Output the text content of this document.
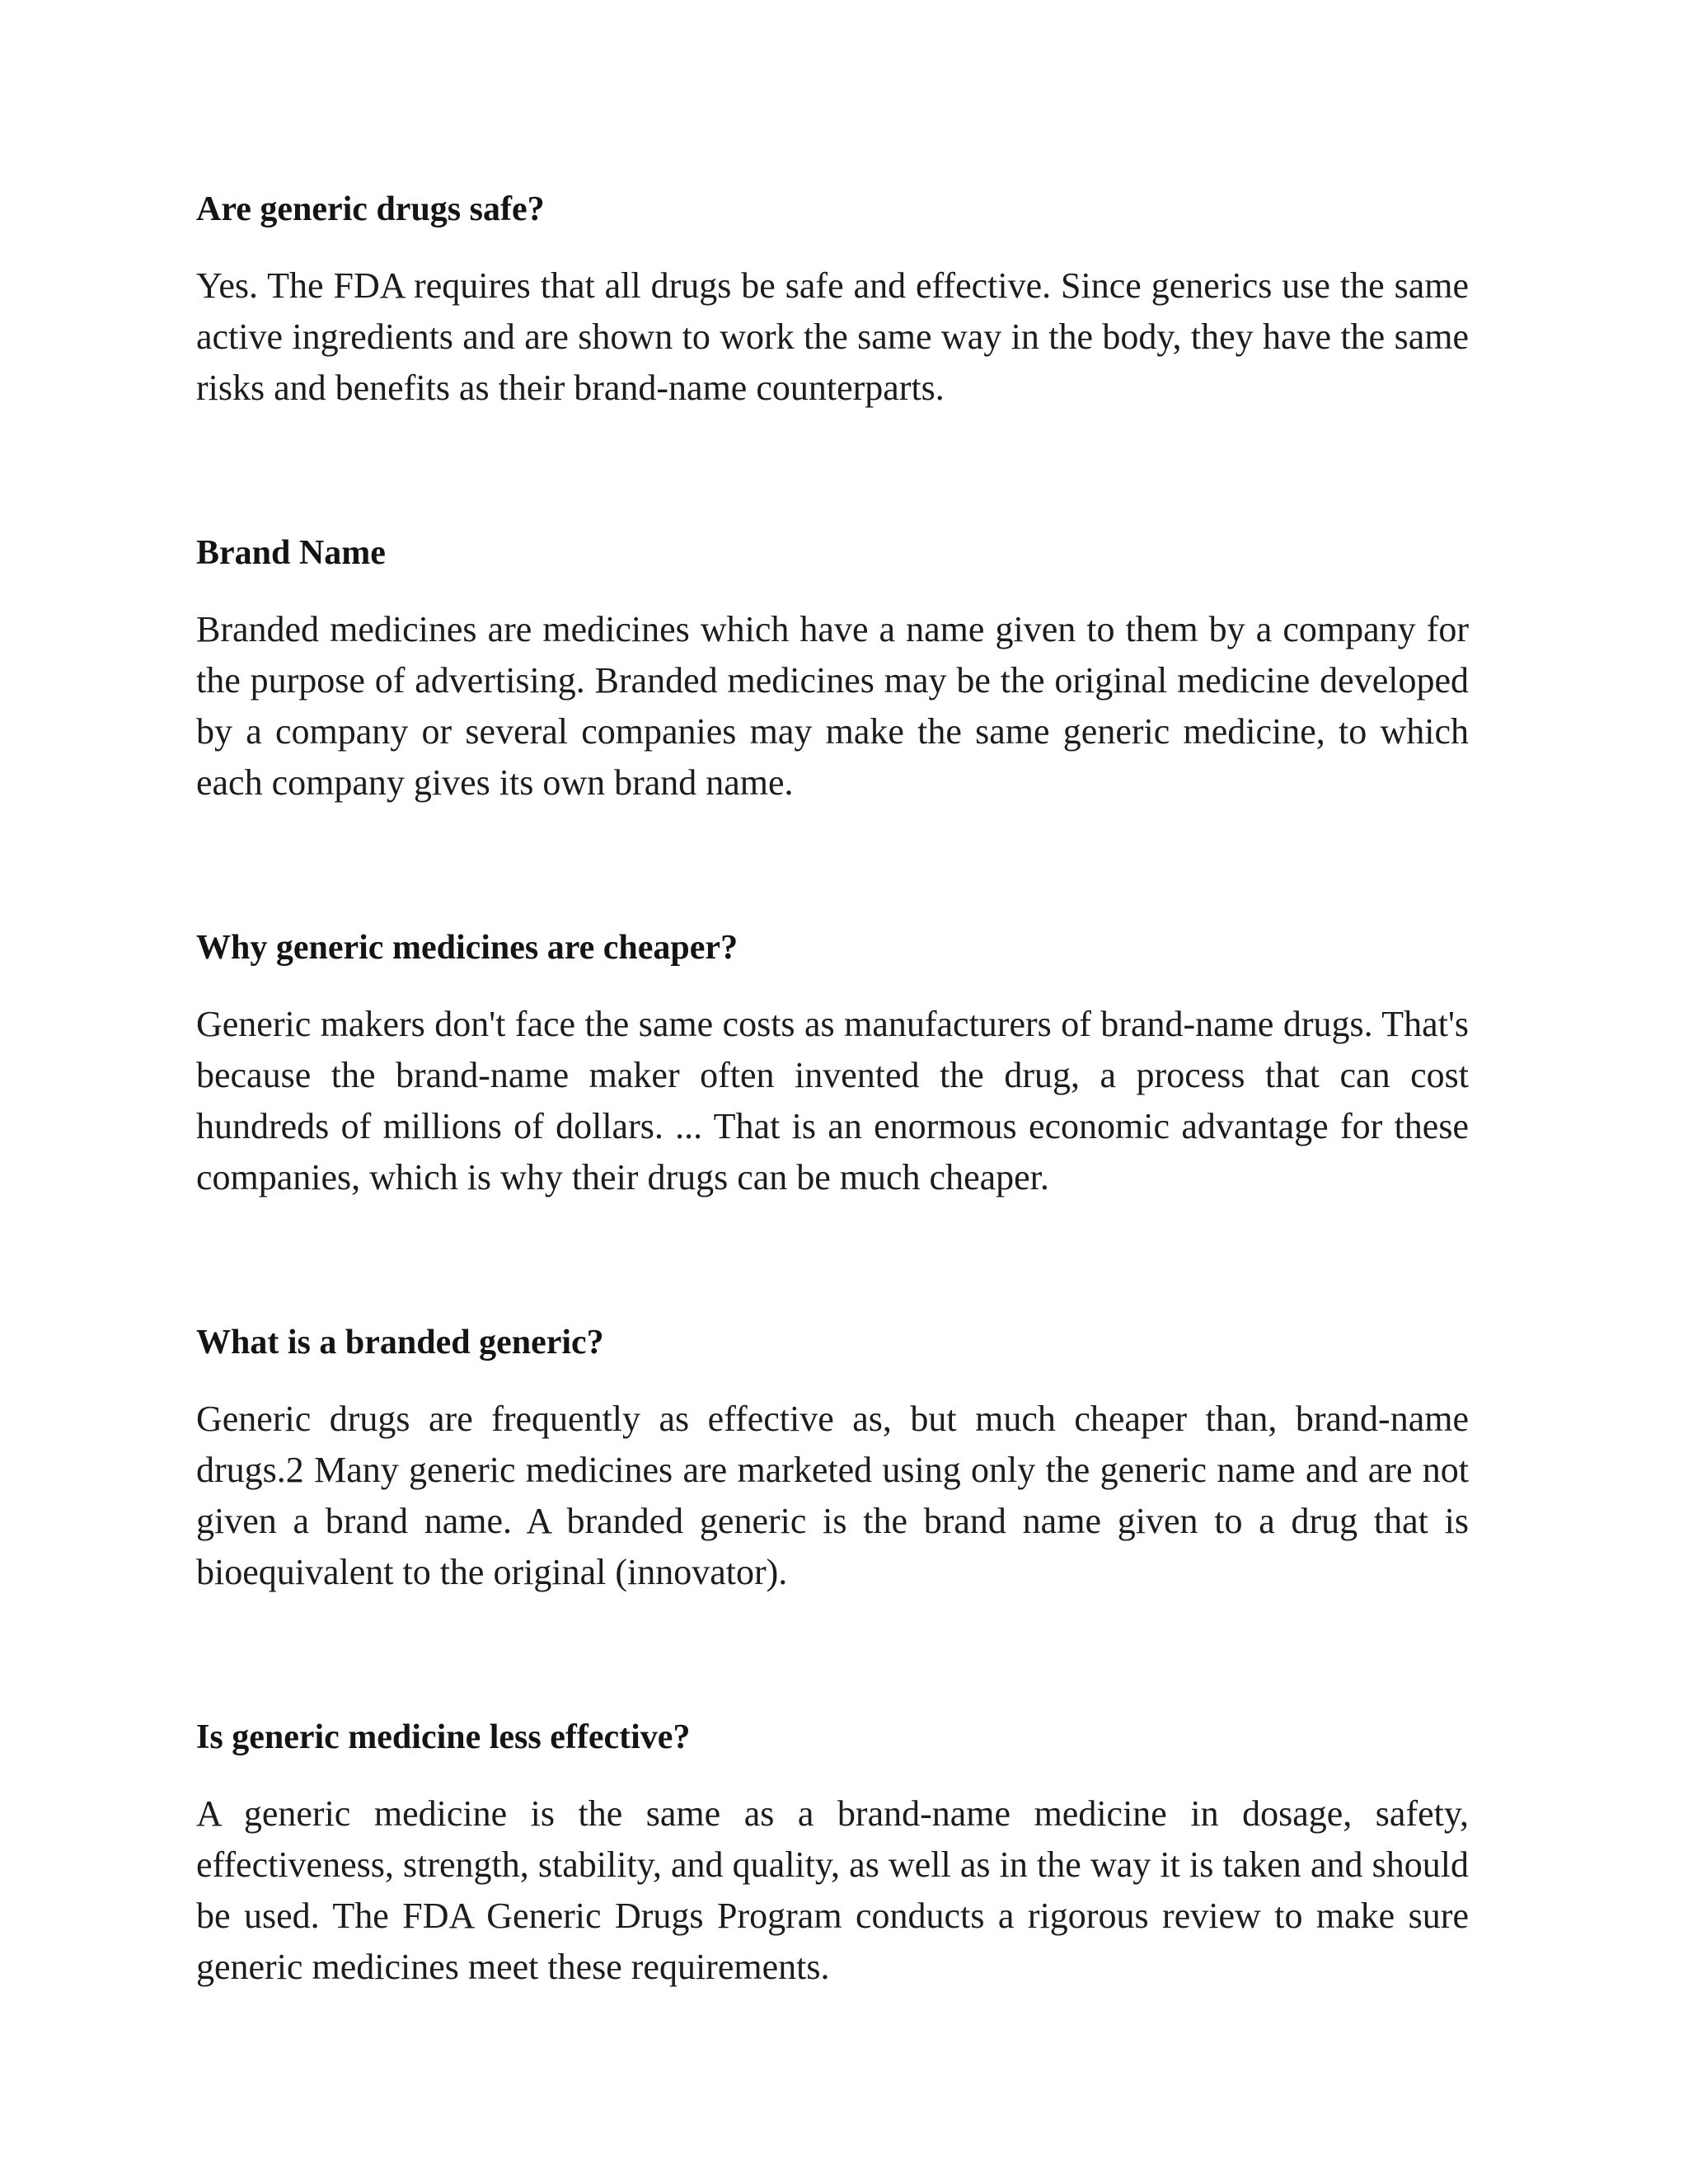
Are generic drugs safe?

Yes. The FDA requires that all drugs be safe and effective. Since generics use the same active ingredients and are shown to work the same way in the body, they have the same risks and benefits as their brand-name counterparts.

Brand Name

Branded medicines are medicines which have a name given to them by a company for the purpose of advertising. Branded medicines may be the original medicine developed by a company or several companies may make the same generic medicine, to which each company gives its own brand name.

Why generic medicines are cheaper?

Generic makers don't face the same costs as manufacturers of brand-name drugs. That's because the brand-name maker often invented the drug, a process that can cost hundreds of millions of dollars. ... That is an enormous economic advantage for these companies, which is why their drugs can be much cheaper.

What is a branded generic?

Generic drugs are frequently as effective as, but much cheaper than, brand-name drugs.2 Many generic medicines are marketed using only the generic name and are not given a brand name. A branded generic is the brand name given to a drug that is bioequivalent to the original (innovator).

Is generic medicine less effective?

A generic medicine is the same as a brand-name medicine in dosage, safety, effectiveness, strength, stability, and quality, as well as in the way it is taken and should be used. The FDA Generic Drugs Program conducts a rigorous review to make sure generic medicines meet these requirements.
